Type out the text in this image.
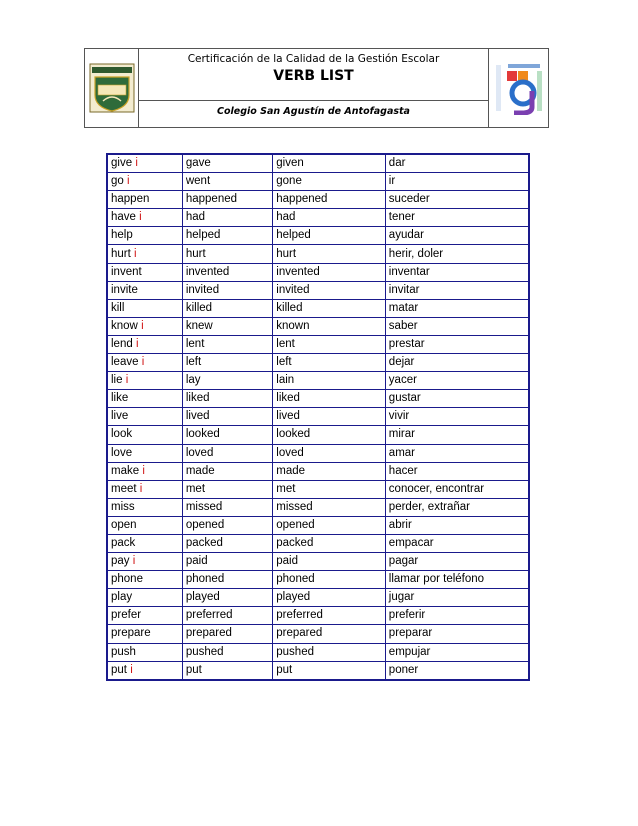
Certificación de la Calidad de la Gestión Escolar
VERB LIST
Colegio San Agustín de Antofagasta
give i	gave	given	dar
go i	went	gone	ir
happen	happened	happened	suceder
have i	had	had	tener
help	helped	helped	ayudar
hurt i	hurt	hurt	herir, doler
invent	invented	invented	inventar
invite	invited	invited	invitar
kill	killed	killed	matar
know i	knew	known	saber
lend i	lent	lent	prestar
leave i	left	left	dejar
lie i	lay	lain	yacer
like	liked	liked	gustar
live	lived	lived	vivir
look	looked	looked	mirar
love	loved	loved	amar
make i	made	made	hacer
meet i	met	met	conocer, encontrar
miss	missed	missed	perder, extrañar
open	opened	opened	abrir
pack	packed	packed	empacar
pay i	paid	paid	pagar
phone	phoned	phoned	llamar por teléfono
play	played	played	jugar
prefer	preferred	preferred	preferir
prepare	prepared	prepared	preparar
push	pushed	pushed	empujar
put i	put	put	poner
